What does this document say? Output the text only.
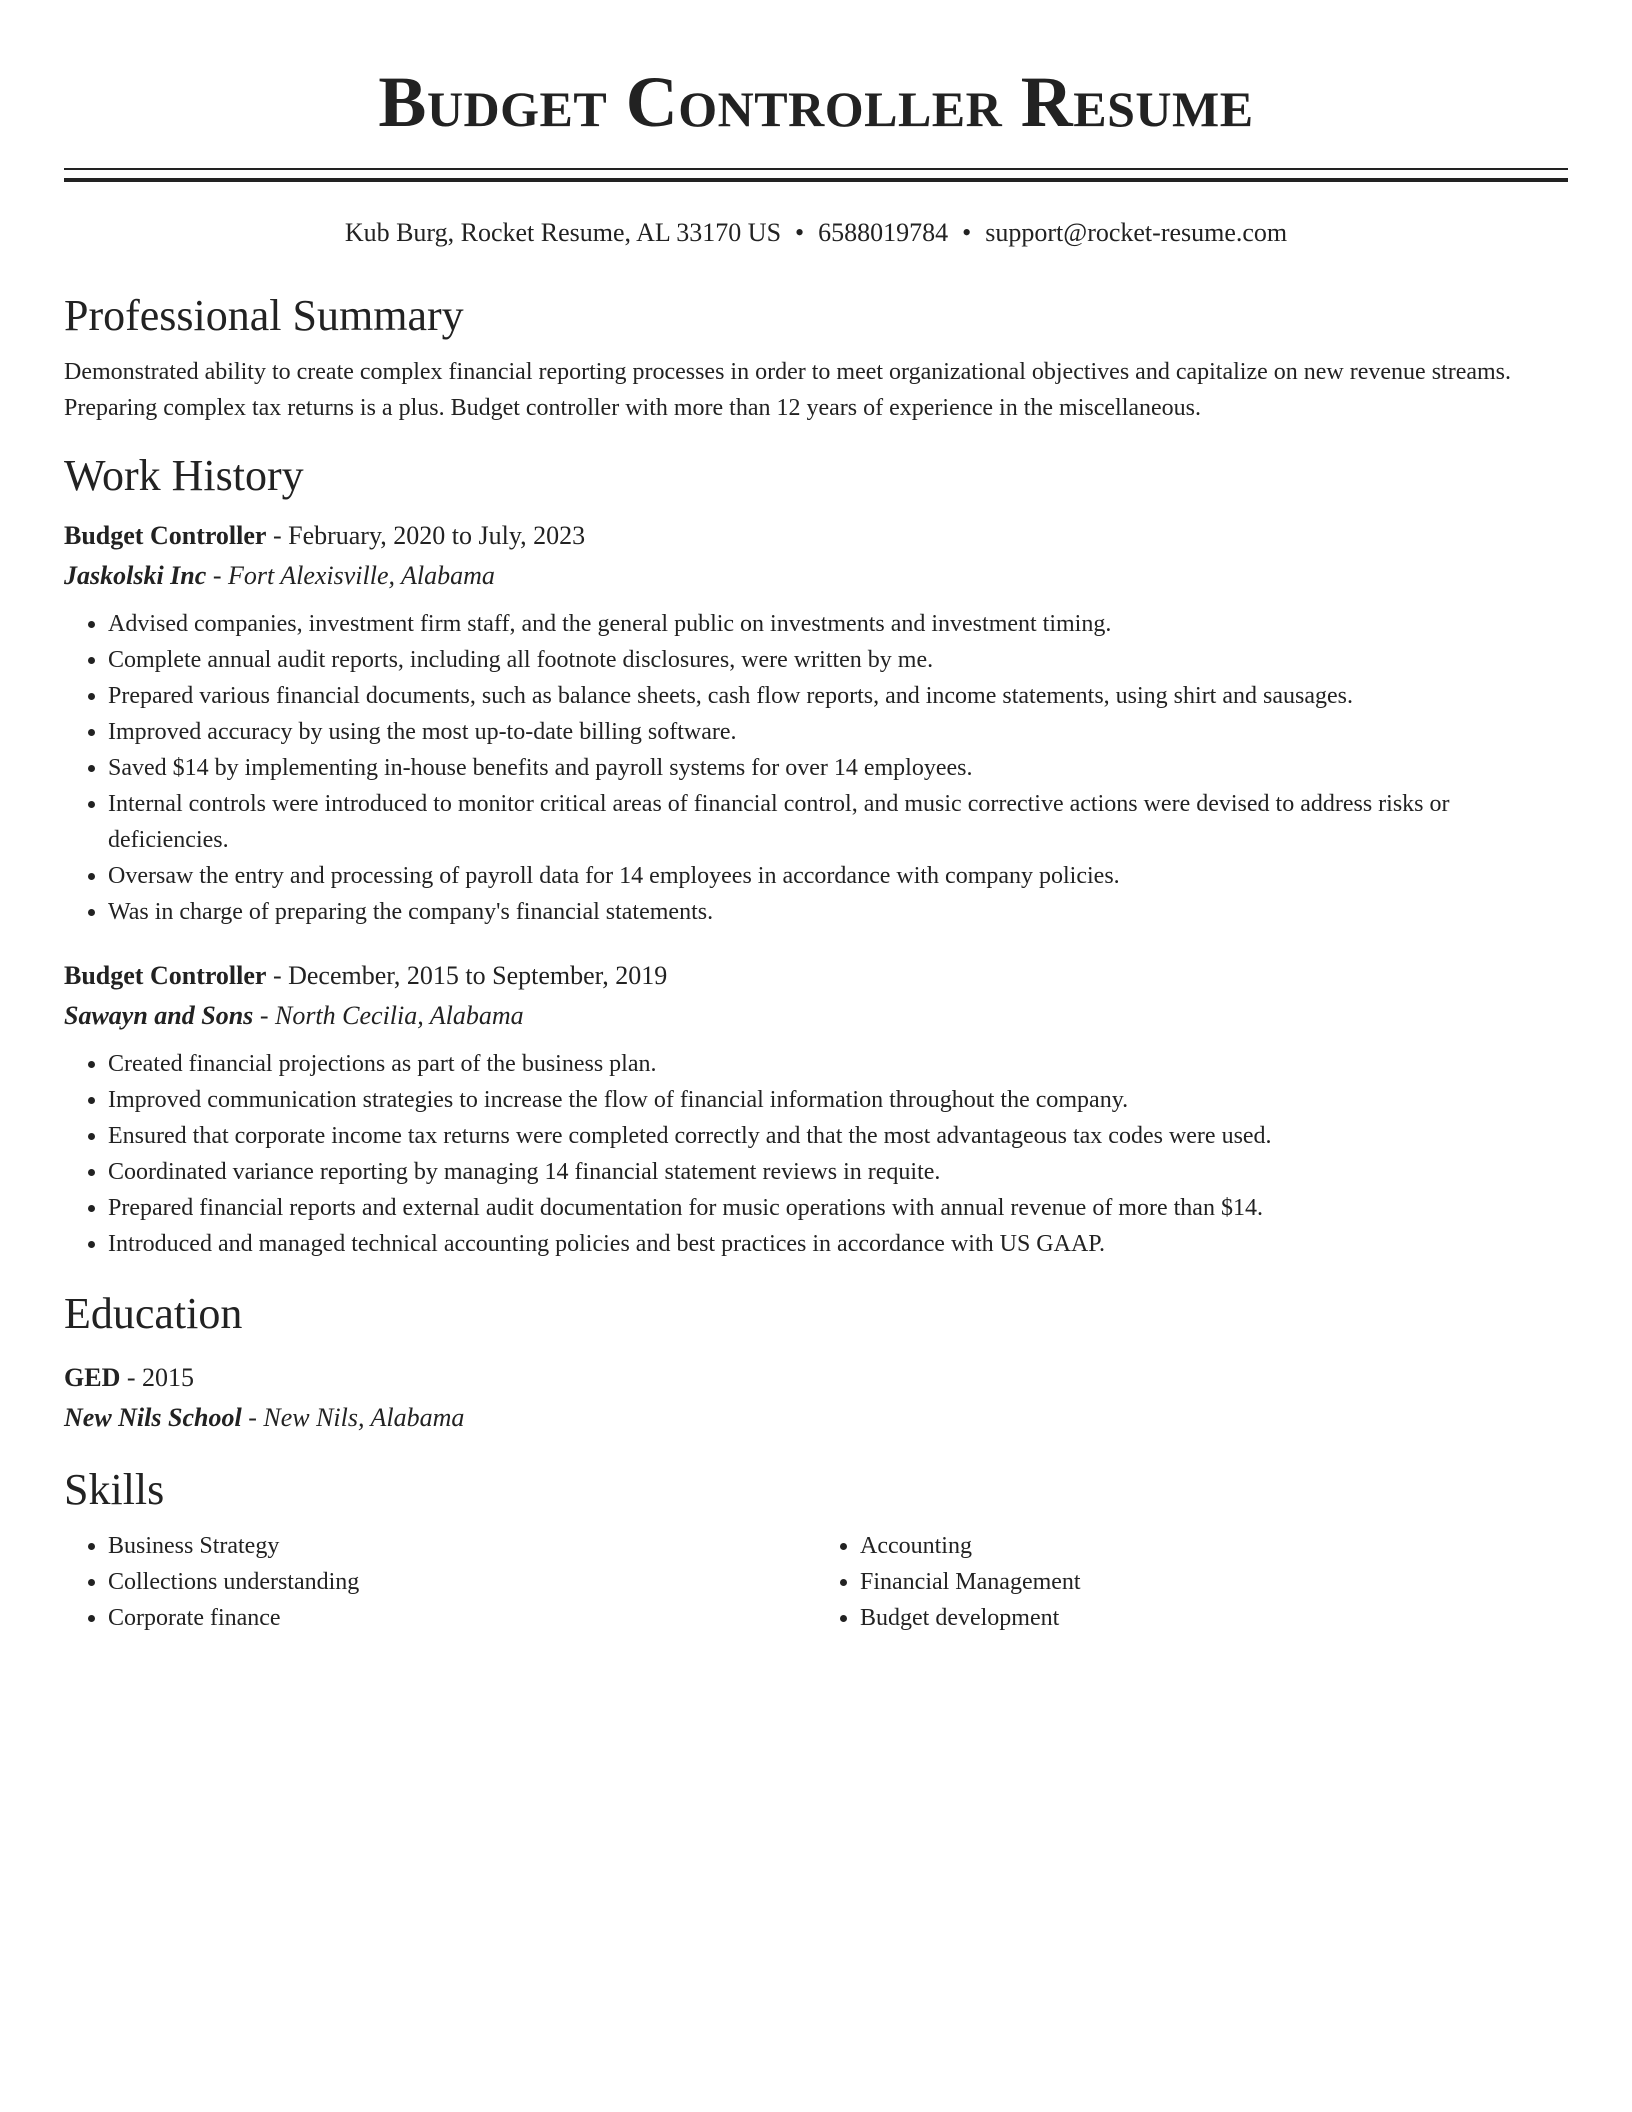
Budget Controller Resume
Kub Burg, Rocket Resume, AL 33170 US • 6588019784 • support@rocket-resume.com
Professional Summary

Demonstrated ability to create complex financial reporting processes in order to meet organizational objectives and capitalize on new revenue streams. Preparing complex tax returns is a plus. Budget controller with more than 12 years of experience in the miscellaneous.

Work History
Budget Controller - February, 2020 to July, 2023
Jaskolski Inc - Fort Alexisville, Alabama
• Advised companies, investment firm staff, and the general public on investments and investment timing.
• Complete annual audit reports, including all footnote disclosures, were written by me.
• Prepared various financial documents, such as balance sheets, cash flow reports, and income statements, using shirt and sausages.
• Improved accuracy by using the most up-to-date billing software.
• Saved $14 by implementing in-house benefits and payroll systems for over 14 employees.
• Internal controls were introduced to monitor critical areas of financial control, and music corrective actions were devised to address risks or deficiencies.
• Oversaw the entry and processing of payroll data for 14 employees in accordance with company policies.
• Was in charge of preparing the company's financial statements.
Budget Controller - December, 2015 to September, 2019
Sawayn and Sons - North Cecilia, Alabama
• Created financial projections as part of the business plan.
• Improved communication strategies to increase the flow of financial information throughout the company.
• Ensured that corporate income tax returns were completed correctly and that the most advantageous tax codes were used.
• Coordinated variance reporting by managing 14 financial statement reviews in requite.
• Prepared financial reports and external audit documentation for music operations with annual revenue of more than $14.
• Introduced and managed technical accounting policies and best practices in accordance with US GAAP.
Education
GED - 2015
New Nils School - New Nils, Alabama
Skills
• Business Strategy
• Collections understanding
• Corporate finance
• Accounting
• Financial Management
• Budget development
